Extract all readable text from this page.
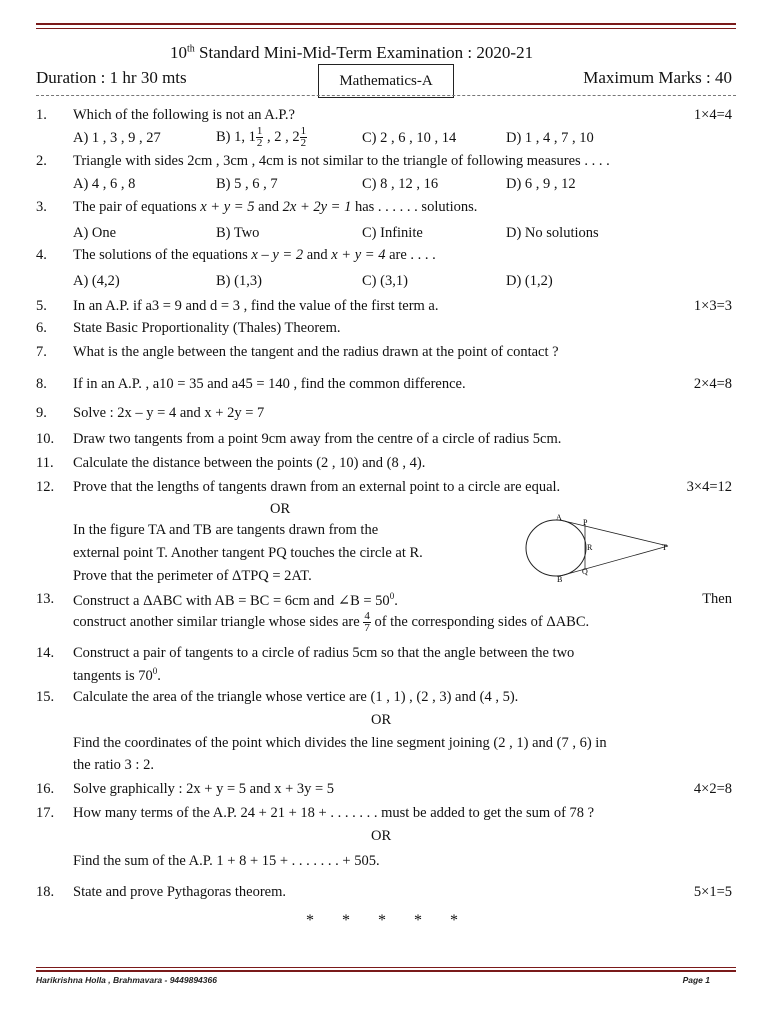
10th Standard Mini-Mid-Term Examination : 2020-21
Duration : 1 hr 30 mts	Mathematics-A	Maximum Marks : 40
1. Which of the following is not an A.P.?	1×4=4
A) 1 , 3 , 9 , 27	B) 1, $1 \frac{1}{2}$ , 2 , $2 \frac{1}{2}$	C) 2 , 6 , 10 , 14	D) 1 , 4 , 7 , 10
2. Triangle with sides 2cm , 3cm , 4cm is not similar to the triangle of following measures . . . .
A) 4 , 6 , 8	B) 5 , 6 , 7	C) 8 , 12 , 16	D) 6 , 9 , 12
3. The pair of equations x + y = 5 and 2x + 2y = 1 has . . . . . . solutions.
A) One	B) Two	C) Infinite	D) No solutions
4. The solutions of the equations x – y = 2 and x + y = 4 are . . . .
A) (4,2)	B) (1,3)	C) (3,1)	D) (1,2)
5. In an A.P. if a3 = 9 and d = 3 , find the value of the first term a.	1×3=3
6. State Basic Proportionality (Thales) Theorem.
7. What is the angle between the tangent and the radius drawn at the point of contact ?
8. If in an A.P. , a10 = 35 and a45 = 140 , find the common difference.	2×4=8
9. Solve : 2x – y = 4 and x + 2y = 7
10. Draw two tangents from a point 9cm away from the centre of a circle of radius 5cm.
11. Calculate the distance between the points (2 , 10) and (8 , 4).
12. Prove that the lengths of tangents drawn from an external point to a circle are equal.	3×4=12
OR
In the figure TA and TB are tangents drawn from the
external point T. Another tangent PQ touches the circle at R.
Prove that the perimeter of ΔTPQ = 2AT.
A
P
R	T
B
Q
13. Construct a ΔABC with AB = BC = 6cm and ∠B = $50^0$.	Then
construct another similar triangle whose sides are $\frac{4}{7}$ of the corresponding sides of ΔABC.
14. Construct a pair of tangents to a circle of radius 5cm so that the angle between the two
tangents is $70^0$.
15. Calculate the area of the triangle whose vertice are (1 , 1) , (2 , 3) and (4 , 5).
OR
Find the coordinates of the point which divides the line segment joining (2 , 1) and (7 , 6) in
the ratio 3 : 2.
16. Solve graphically : 2x + y = 5 and x + 3y = 5	4×2=8
17. How many terms of the A.P. 24 + 21 + 18 + . . . . . . . must be added to get the sum of 78 ?
OR
Find the sum of the A.P. 1 + 8 + 15 + . . . . . . . + 505.
18. State and prove Pythagoras theorem.	5×1=5
* * * * *
Harikrishna Holla , Brahmavara - 9449894366	Page 1
